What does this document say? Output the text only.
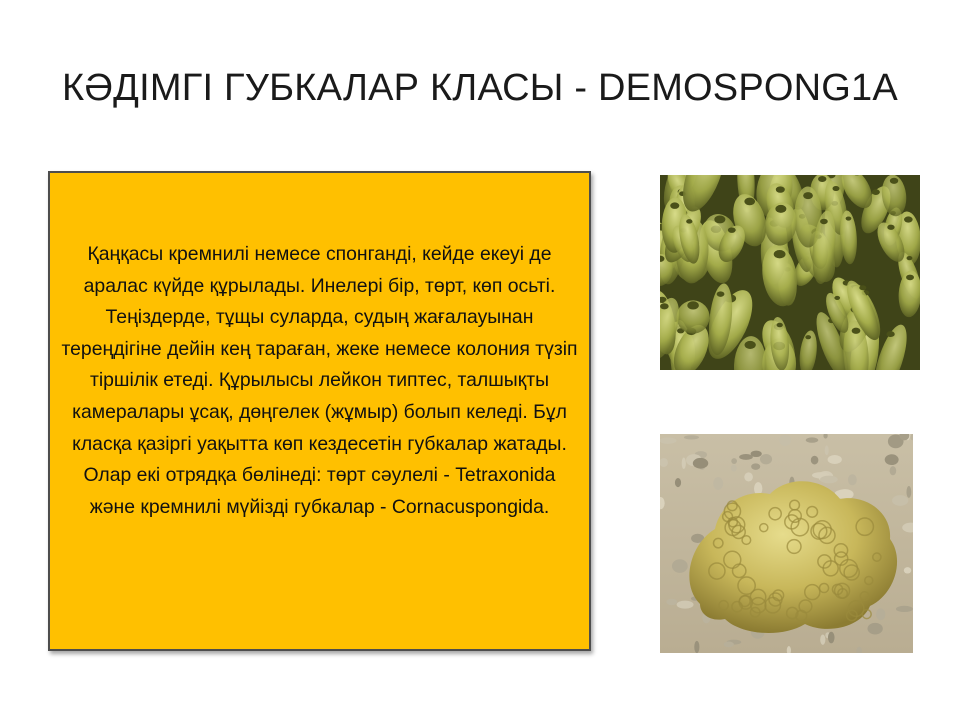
КӘДІМГІ ГУБКАЛАР КЛАСЫ - DEMOSPONG1A
Қаңқасы кремнилі немесе спонганді, кейде екеуі де аралас күйде құрылады. Инелері бір, төрт, көп осьті. Теңіздерде, тұщы суларда, судың жағалауынан тереңдігіне дейін кең тараған, жеке немесе колония түзіп тіршілік етеді. Құрылысы лейкон типтес, талшықты камералары ұсақ, дөңгелек (жұмыр) болып келеді. Бұл класқа қазіргі уақытта көп кездесетін губкалар жатады. Олар екі отрядқа бөлінеді: төрт сәулелі - Tetraxonida және кремнилі мүйізді губкалар - Cornacuspongida.
